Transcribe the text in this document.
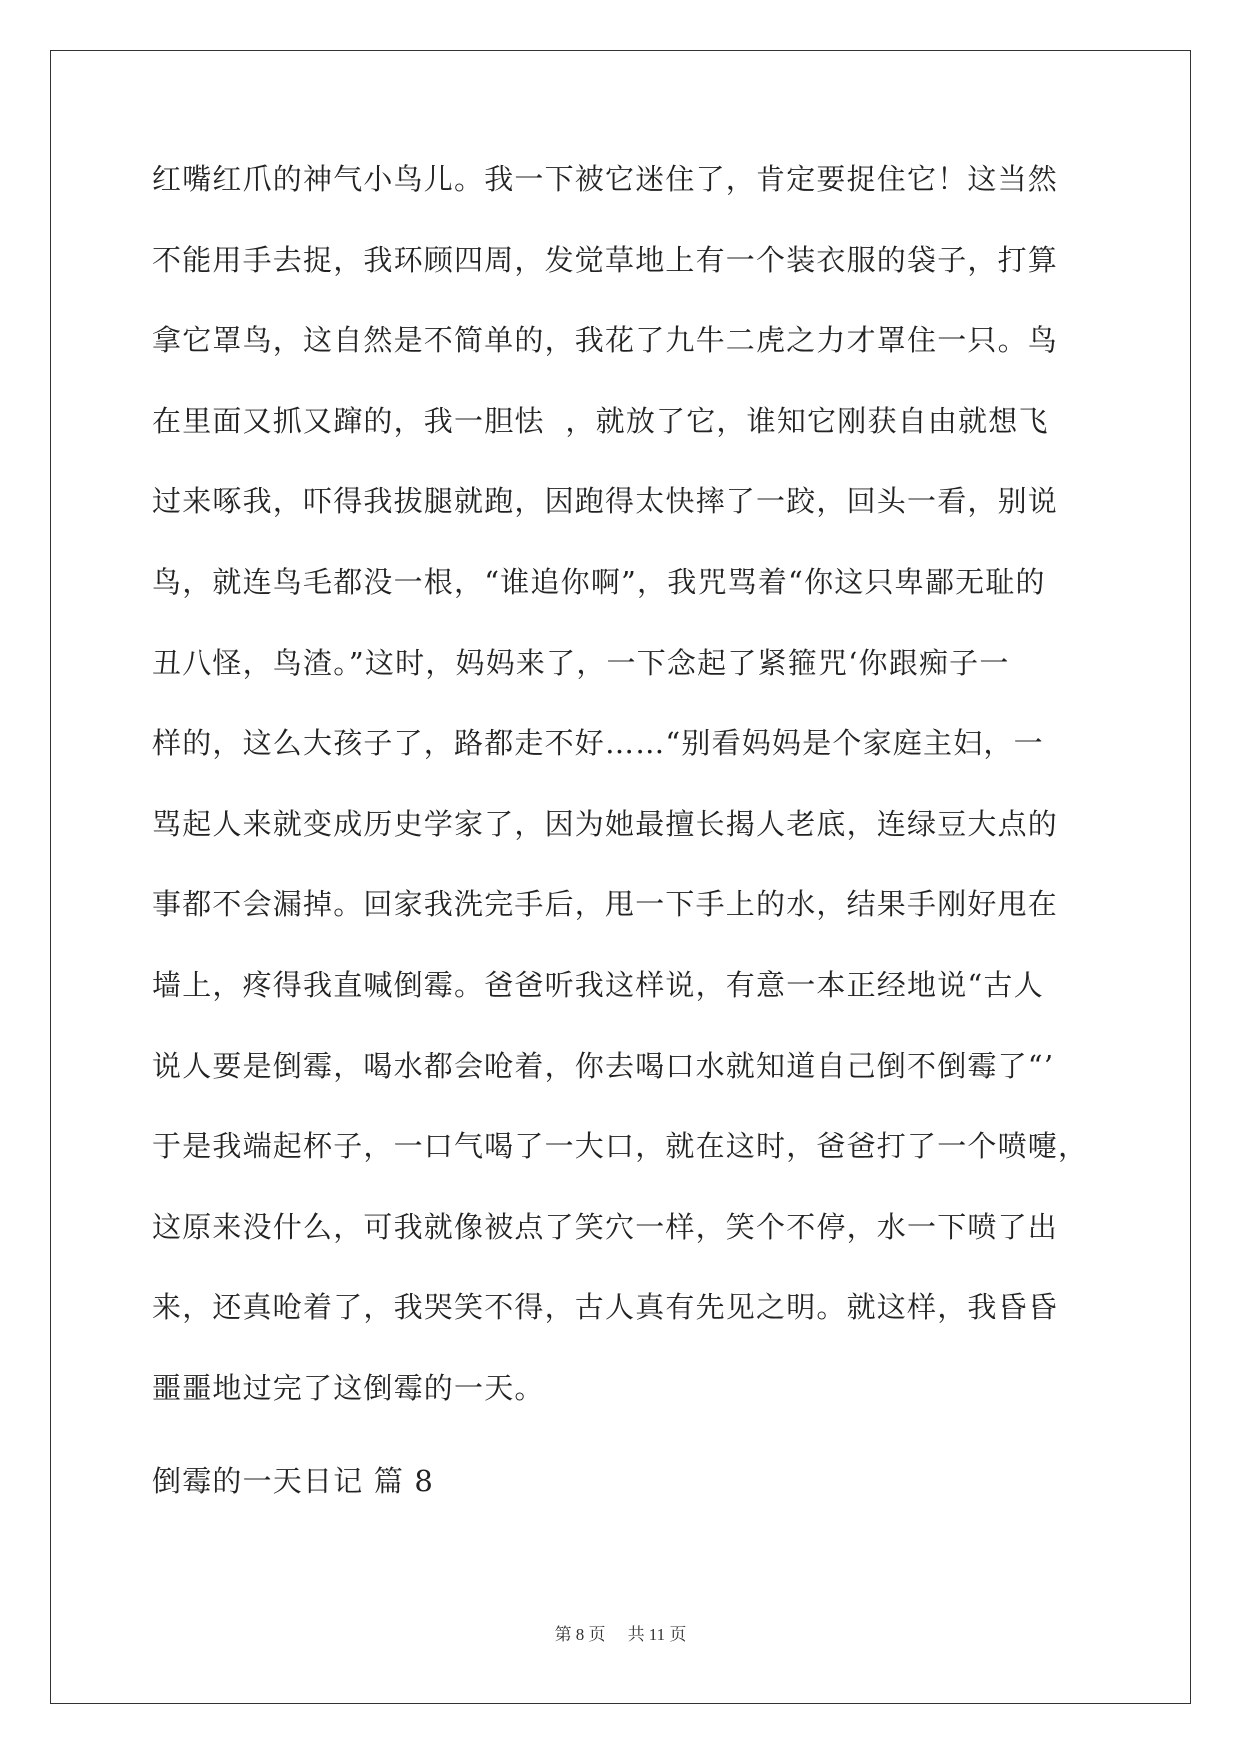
红嘴红爪的神气小鸟儿。我一下被它迷住了，肯定要捉住它！这当然
不能用手去捉，我环顾四周，发觉草地上有一个装衣服的袋子，打算
拿它罩鸟，这自然是不简单的，我花了九牛二虎之力才罩住一只。鸟
在里面又抓又蹿的，我一胆怯  ，就放了它，谁知它刚获自由就想飞
过来啄我，吓得我拔腿就跑，因跑得太快摔了一跤，回头一看，别说
鸟，就连鸟毛都没一根，“谁追你啊”，我咒骂着“你这只卑鄙无耻的
丑八怪，鸟渣。”这时，妈妈来了，一下念起了紧箍咒‘你跟痴子一
样的，这么大孩子了，路都走不好……“别看妈妈是个家庭主妇，一
骂起人来就变成历史学家了，因为她最擅长揭人老底，连绿豆大点的
事都不会漏掉。回家我洗完手后，甩一下手上的水，结果手刚好甩在
墙上，疼得我直喊倒霉。爸爸听我这样说，有意一本正经地说“古人
说人要是倒霉，喝水都会呛着，你去喝口水就知道自己倒不倒霉了“’
于是我端起杯子，一口气喝了一大口，就在这时，爸爸打了一个喷嚏，
这原来没什么，可我就像被点了笑穴一样，笑个不停，水一下喷了出
来，还真呛着了，我哭笑不得，古人真有先见之明。就这样，我昏昏
噩噩地过完了这倒霉的一天。
倒霉的一天日记 篇 8
第 8 页 共 11 页
